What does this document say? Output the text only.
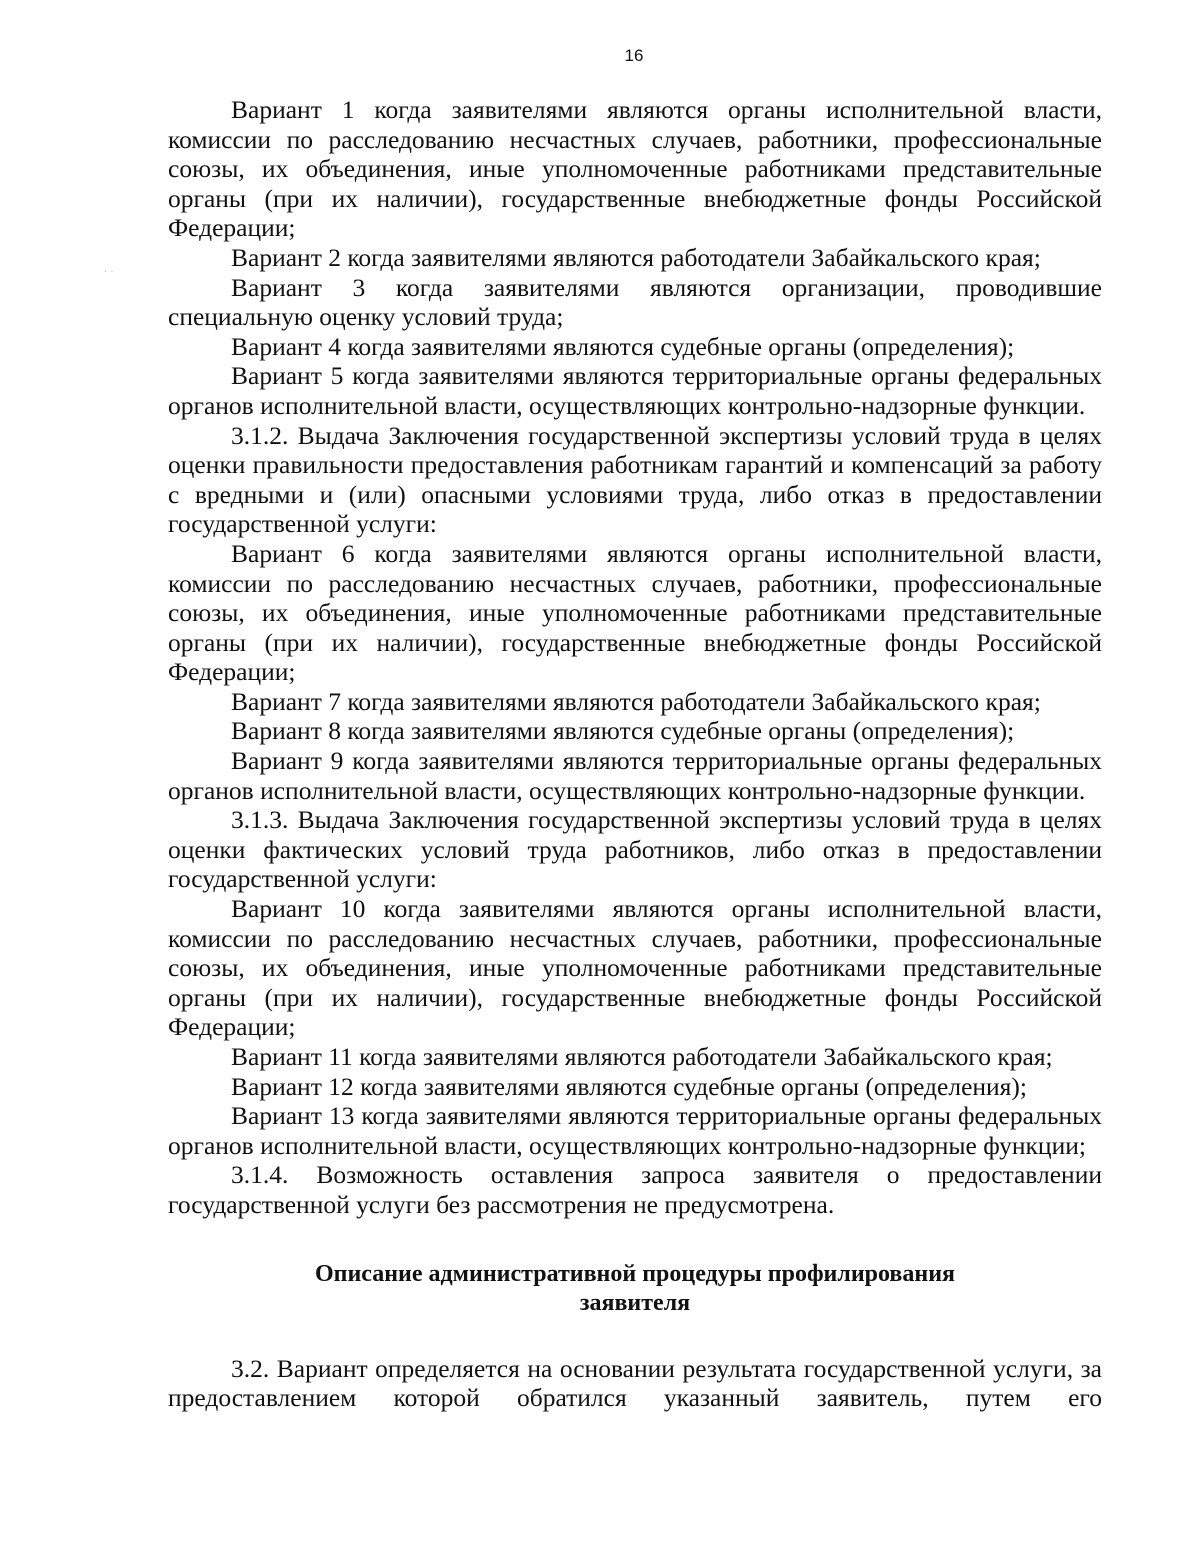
16
. .

Вариант 1 когда заявителями являются органы исполнительной власти, комиссии по расследованию несчастных случаев, работники, профессиональные союзы, их объединения, иные уполномоченные работниками представительные органы (при их наличии), государственные внебюджетные фонды Российской Федерации;

Вариант 2 когда заявителями являются работодатели Забайкальского края;

Вариант 3 когда заявителями являются организации, проводившие специальную оценку условий труда;

Вариант 4 когда заявителями являются судебные органы (определения);

Вариант 5 когда заявителями являются территориальные органы федеральных органов исполнительной власти, осуществляющих контрольно-надзорные функции.

3.1.2. Выдача Заключения государственной экспертизы условий труда в целях оценки правильности предоставления работникам гарантий и компенсаций за работу с вредными и (или) опасными условиями труда, либо отказ в предоставлении государственной услуги:

Вариант 6 когда заявителями являются органы исполнительной власти, комиссии по расследованию несчастных случаев, работники, профессиональные союзы, их объединения, иные уполномоченные работниками представительные органы (при их наличии), государственные внебюджетные фонды Российской Федерации;

Вариант 7 когда заявителями являются работодатели Забайкальского края;

Вариант 8 когда заявителями являются судебные органы (определения);

Вариант 9 когда заявителями являются территориальные органы федеральных органов исполнительной власти, осуществляющих контрольно-надзорные функции.

3.1.3. Выдача Заключения государственной экспертизы условий труда в целях оценки фактических условий труда работников, либо отказ в предоставлении государственной услуги:

Вариант 10 когда заявителями являются органы исполнительной власти, комиссии по расследованию несчастных случаев, работники, профессиональные союзы, их объединения, иные уполномоченные работниками представительные органы (при их наличии), государственные внебюджетные фонды Российской Федерации;

Вариант 11 когда заявителями являются работодатели Забайкальского края;

Вариант 12 когда заявителями являются судебные органы (определения);

Вариант 13 когда заявителями являются территориальные органы федеральных органов исполнительной власти, осуществляющих контрольно-надзорные функции;

3.1.4. Возможность оставления запроса заявителя о предоставлении государственной услуги без рассмотрения не предусмотрена.

Описание административной процедуры профилирования
заявителя

3.2. Вариант определяется на основании результата государственной услуги, за предоставлением которой обратился указанный заявитель, путем его
